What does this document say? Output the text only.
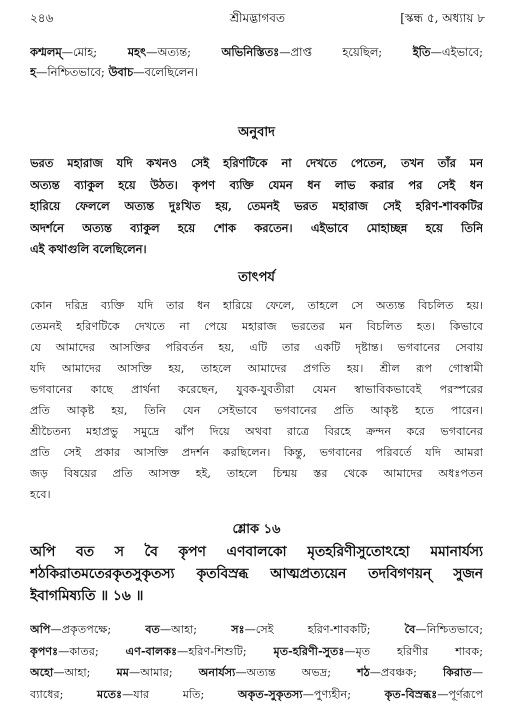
২৪৬	শ্রীমদ্ভাগবত	[স্কন্ধ ৫, অধ্যায় ৮
কশ্মলম্—মোহ; মহৎ—অত্যন্ত; অভিনিস্তিতঃ—প্রাপ্ত হয়েছিল; ইতি—এইভাবে;
হ—নিশ্চিতভাবে; উবাচ—বলেছিলেন।

অনুবাদ

ভরত মহারাজ যদি কখনও সেই হরিণটিকে না দেখতে পেতেন, তখন তাঁর মন
অত্যন্ত ব্যাকুল হয়ে উঠত। কৃপণ ব্যক্তি যেমন ধন লাভ করার পর সেই ধন
হারিয়ে ফেললে অত্যন্ত দুঃখিত হয়, তেমনই ভরত মহারাজ সেই হরিণ-শাবকটির
অদর্শনে অত্যন্ত ব্যাকুল হয়ে শোক করতেন। এইভাবে মোহাচ্ছন্ন হয়ে তিনি
এই কথাগুলি বলেছিলেন।

তাৎপর্য

কোন দরিদ্র ব্যক্তি যদি তার ধন হারিয়ে ফেলে, তাহলে সে অত্যন্ত বিচলিত হয়।
তেমনই হরিণটিকে দেখতে না পেয়ে মহারাজ ভরতের মন বিচলিত হত। কিভাবে
যে আমাদের আসক্তির পরিবর্তন হয়, এটি তার একটি দৃষ্টান্ত। ভগবানের সেবায়
যদি আমাদের আসক্তি হয়, তাহলে আমাদের প্রগতি হয়। শ্রীল রূপ গোস্বামী
ভগবানের কাছে প্রার্থনা করেছেন, যুবক-যুবতীরা যেমন স্বাভাবিকভাবেই পরস্পরের
প্রতি আকৃষ্ট হয়, তিনি যেন সেইভাবে ভগবানের প্রতি আকৃষ্ট হতে পারেন।
শ্রীচৈতন্য মহাপ্রভু সমুদ্রে ঝাঁপ দিয়ে অথবা রাত্রে বিরহে ক্রন্দন করে ভগবানের
প্রতি সেই প্রকার আসক্তি প্রদর্শন করছিলেন। কিন্তু, ভগবানের পরিবর্তে যদি আমরা
জড় বিষয়ের প্রতি আসক্ত হই, তাহলে চিন্ময় স্তর থেকে আমাদের অধঃপতন
হবে।

শ্লোক ১৬

অপি বত স বৈ কৃপণ এণবালকো মৃতহরিণীসুতোঽহো মমানার্যস্য
শঠকিরাতমতেরকৃতসুকৃতস্য কৃতবিস্রব্ধ আত্মপ্রত্যয়েন তদবিগণয়ন্ সুজন
ইবাগমিষ্যতি ॥ ১৬ ॥
অপি—প্রকৃতপক্ষে; বত—আহা; সঃ—সেই হরিণ-শাবকটি; বৈ—নিশ্চিতভাবে;
কৃপণঃ—কাতর; এণ-বালকঃ—হরিণ-শিশুটি; মৃত-হরিণী-সুতঃ—মৃত হরিণীর শাবক;
অহো—আহা; মম—আমার; অনার্যস্য—অত্যন্ত অভদ্র; শঠ—প্রবঞ্চক; কিরাত—
ব্যাধের; মতেঃ—যার মতি; অকৃত-সুকৃতস্য—পুণ্যহীন; কৃত-বিস্রব্ধঃ—পূর্ণরূপে
